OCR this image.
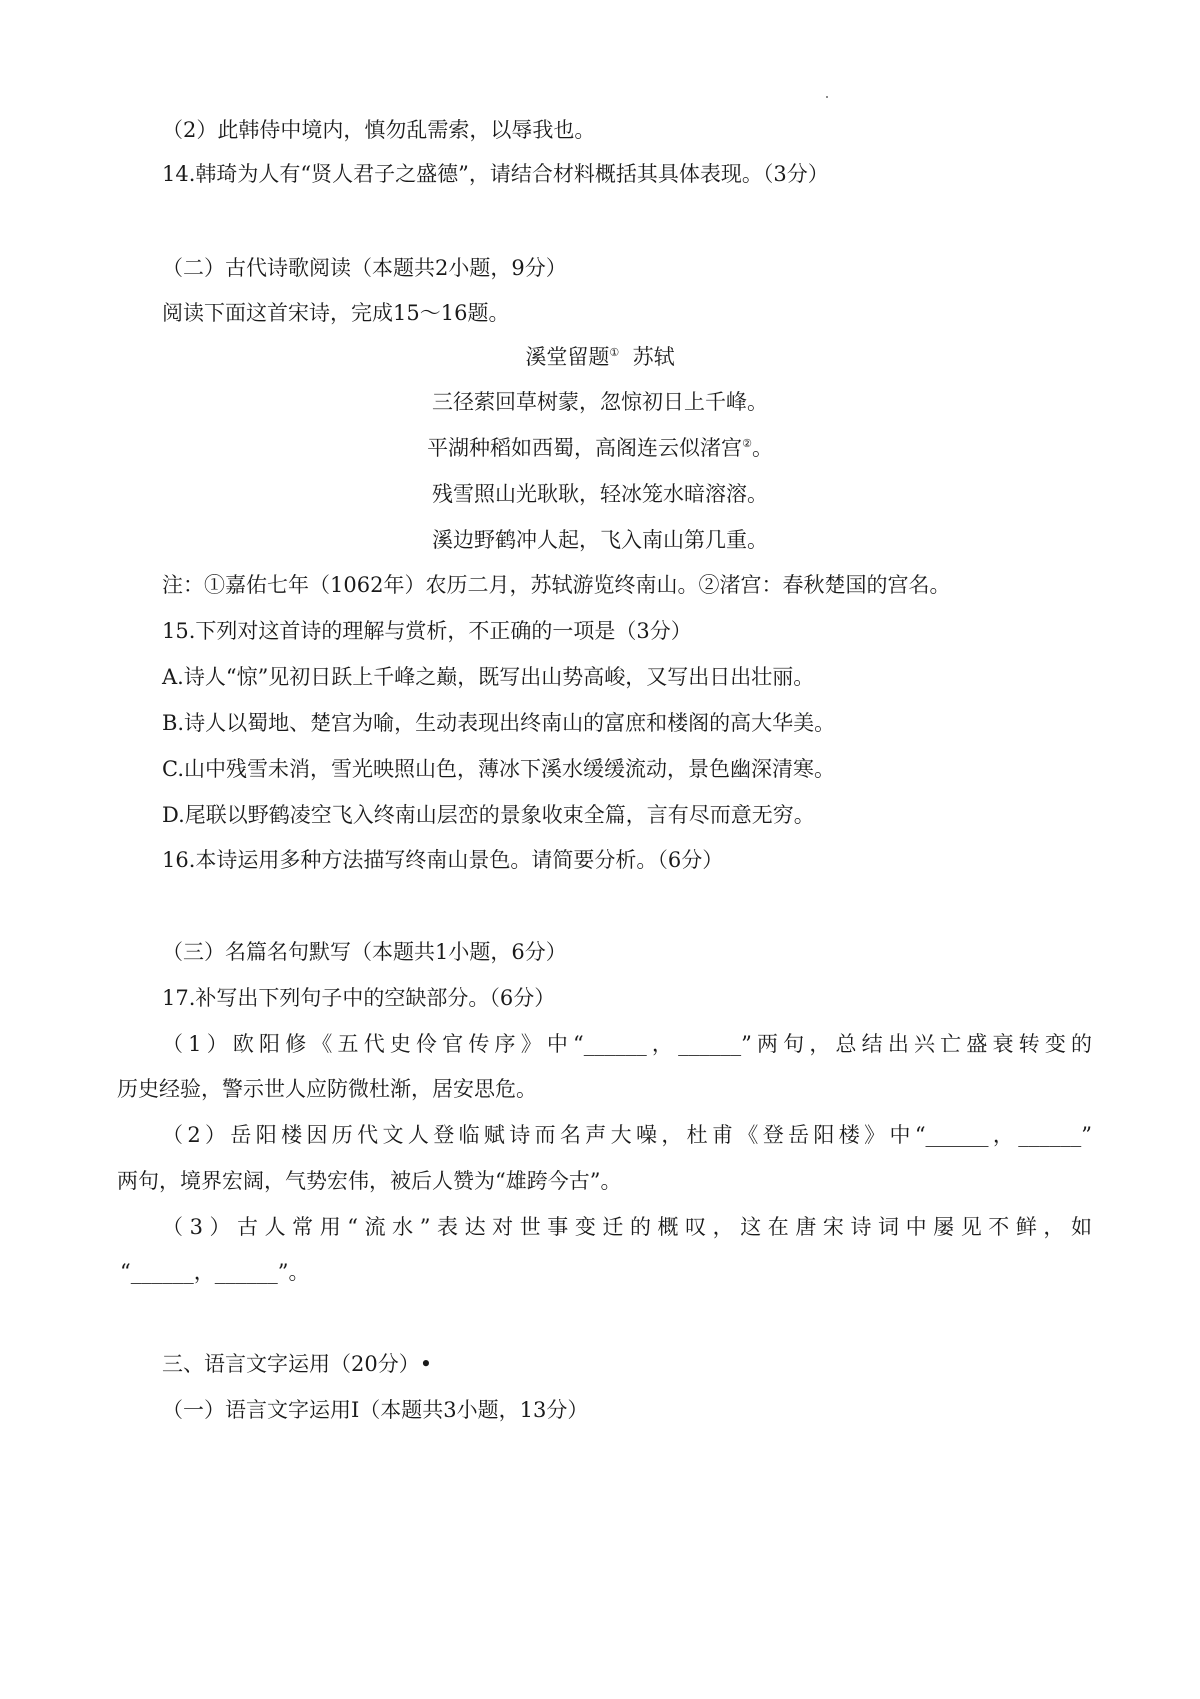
（2）此韩侍中境内，慎勿乱需索，以辱我也。
14.韩琦为人有“贤人君子之盛德”，请结合材料概括其具体表现。（3分）
（二）古代诗歌阅读（本题共2小题，9分）
阅读下面这首宋诗，完成15～16题。
溪堂留题① 苏轼
三径萦回草树蒙，忽惊初日上千峰。
平湖种稻如西蜀，高阁连云似渚宫②。
残雪照山光耿耿，轻冰笼水暗溶溶。
溪边野鹤冲人起，飞入南山第几重。
注：①嘉佑七年（1062年）农历二月，苏轼游览终南山。②渚宫：春秋楚国的宫名。
15.下列对这首诗的理解与赏析，不正确的一项是（3分）
A.诗人“惊”见初日跃上千峰之巅，既写出山势高峻，又写出日出壮丽。
B.诗人以蜀地、楚宫为喻，生动表现出终南山的富庶和楼阁的高大华美。
C.山中残雪未消，雪光映照山色，薄冰下溪水缓缓流动，景色幽深清寒。
D.尾联以野鹤凌空飞入终南山层峦的景象收束全篇，言有尽而意无穷。
16.本诗运用多种方法描写终南山景色。请简要分析。（6分）
（三）名篇名句默写（本题共1小题，6分）
17.补写出下列句子中的空缺部分。（6分）
（1）欧阳修《五代史伶官传序》中“______，______”两句，总结出兴亡盛衰转变的
历史经验，警示世人应防微杜渐，居安思危。
（2）岳阳楼因历代文人登临赋诗而名声大噪，杜甫《登岳阳楼》中“______，______”
两句，境界宏阔，气势宏伟，被后人赞为“雄跨今古”。
（3）古人常用“流水”表达对世事变迁的概叹，这在唐宋诗词中屡见不鲜，如
“______，______”。
三、语言文字运用（20分）•
（一）语言文字运用I（本题共3小题，13分）
